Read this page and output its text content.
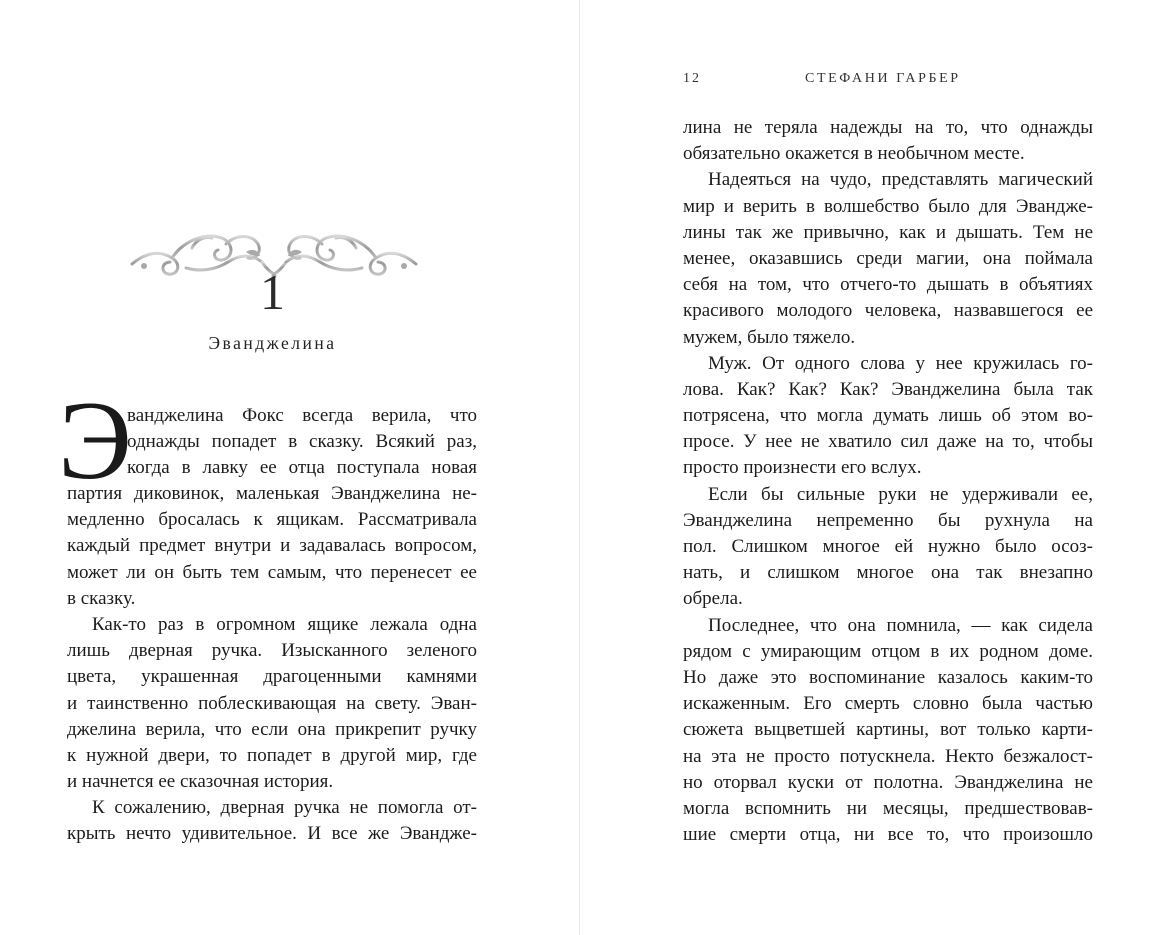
1
Эванджелина
Э
ванджелина Фокс всегда верила, что
однажды попадет в сказку. Всякий раз,
когда в лавку ее отца поступала новая
партия диковинок, маленькая Эванджелина не-
медленно бросалась к ящикам. Рассматривала
каждый предмет внутри и задавалась вопросом,
может ли он быть тем самым, что перенесет ее
в сказку.
Как-то раз в огромном ящике лежала одна
лишь дверная ручка. Изысканного зеленого
цвета, украшенная драгоценными камнями
и таинственно поблескивающая на свету. Эван-
джелина верила, что если она прикрепит ручку
к нужной двери, то попадет в другой мир, где
и начнется ее сказочная история.
К сожалению, дверная ручка не помогла от-
крыть нечто удивительное. И все же Эвандже-
12	СТЕФАНИ ГАРБЕР
лина не теряла надежды на то, что однажды
обязательно окажется в необычном месте.
Надеяться на чудо, представлять магический
мир и верить в волшебство было для Эвандже-
лины так же привычно, как и дышать. Тем не
менее, оказавшись среди магии, она поймала
себя на том, что отчего-то дышать в объятиях
красивого молодого человека, назвавшегося ее
мужем, было тяжело.
Муж. От одного слова у нее кружилась го-
лова. Как? Как? Как? Эванджелина была так
потрясена, что могла думать лишь об этом во-
просе. У нее не хватило сил даже на то, чтобы
просто произнести его вслух.
Если бы сильные руки не удерживали ее,
Эванджелина непременно бы рухнула на
пол. Слишком многое ей нужно было осоз-
нать, и слишком многое она так внезапно
обрела.
Последнее, что она помнила, — как сидела
рядом с умирающим отцом в их родном доме.
Но даже это воспоминание казалось каким-то
искаженным. Его смерть словно была частью
сюжета выцветшей картины, вот только карти-
на эта не просто потускнела. Некто безжалост-
но оторвал куски от полотна. Эванджелина не
могла вспомнить ни месяцы, предшествовав-
шие смерти отца, ни все то, что произошло
